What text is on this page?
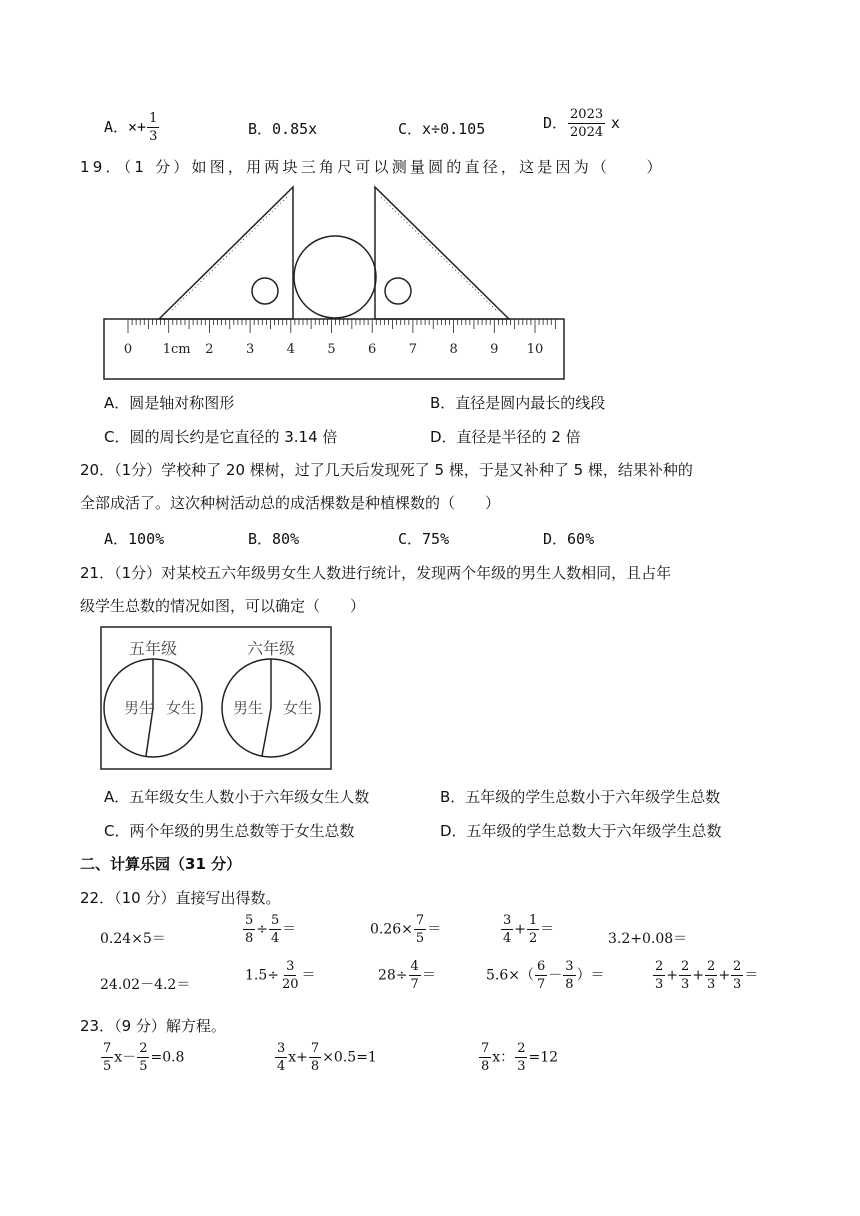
A．×+ $\frac{1}{3}$	B．0.85x	C．x÷0.105	D． $\frac{2023}{2024}$ x
19．（1 分）如图，用两块三角尺可以测量圆的直径，这是因为（　　）
0 1cm 2 3 4 5 6 7 8 9 10
A．圆是轴对称图形	B．直径是圆内最长的线段
C．圆的周长约是它直径的 3.14 倍	D．直径是半径的 2 倍
20．（1分）学校种了 20 棵树，过了几天后发现死了 5 棵，于是又补种了 5 棵，结果补种的
全部成活了。这次种树活动总的成活棵数是种植棵数的（　　）
A．100%	B．80%	C．75%	D．60%
21．（1分）对某校五六年级男女生人数进行统计，发现两个年级的男生人数相同，且占年
级学生总数的情况如图，可以确定（　　）
五年级	六年级
男生 女生 男生 女生
A．五年级女生人数小于六年级女生人数	B．五年级的学生总数小于六年级学生总数
C．两个年级的男生总数等于女生总数	D．五年级的学生总数大于六年级学生总数
二、计算乐园（31 分）
22．（10 分）直接写出得数。
0.24×5＝	$\frac{5}{8} \div \frac{5}{4}$ ＝	$0.26\times \frac{7}{5}$ ＝	$\frac{3}{4} + \frac{1}{2}$ ＝
3.2+0.08＝
24.02－4.2＝
$1.5\div \frac{3}{20}$ ＝	$28\div \frac{4}{7}$ ＝	$5.6\times( \frac{6}{7} - \frac{3}{8}$ ）＝	$\frac{2}{3} + \frac{2}{3} + \frac{2}{3} + \frac{2}{3}$ ＝
23．（9 分）解方程。
$\frac{7}{5} x- \frac{2}{5} =0.8$	$\frac{3}{4} x+ \frac{7}{8} \times 0.5=1$	$\frac{7}{8}$ x： $\frac{2}{3} =12$
